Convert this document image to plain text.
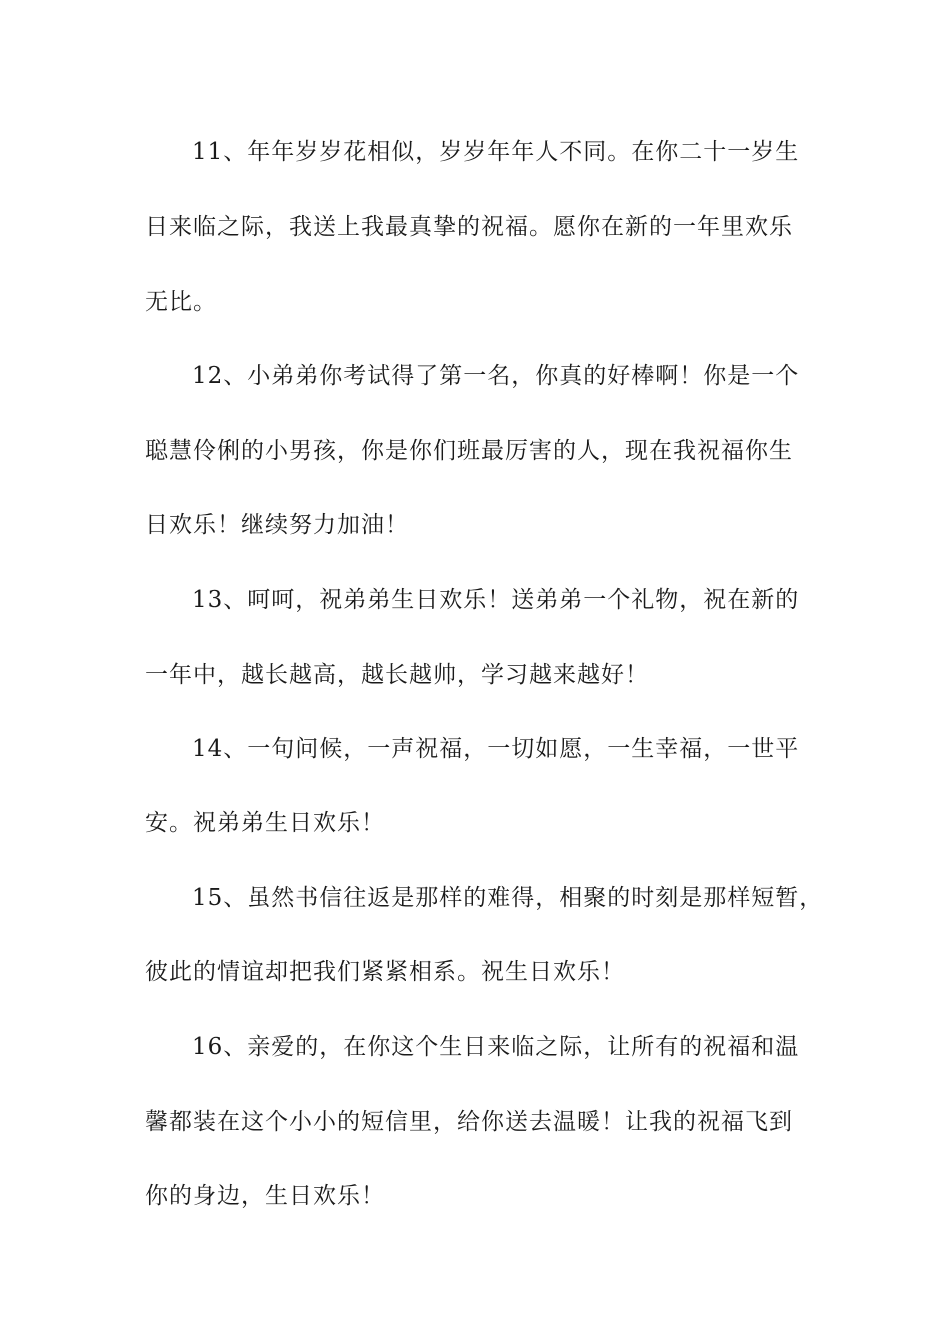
11、年年岁岁花相似，岁岁年年人不同。在你二十一岁生

日来临之际，我送上我最真挚的祝福。愿你在新的一年里欢乐

无比。

12、小弟弟你考试得了第一名，你真的好棒啊！你是一个

聪慧伶俐的小男孩，你是你们班最厉害的人，现在我祝福你生

日欢乐！继续努力加油！

13、呵呵，祝弟弟生日欢乐！送弟弟一个礼物，祝在新的

一年中，越长越高，越长越帅，学习越来越好！

14、一句问候，一声祝福，一切如愿，一生幸福，一世平

安。祝弟弟生日欢乐！

15、虽然书信往返是那样的难得，相聚的时刻是那样短暂，

彼此的情谊却把我们紧紧相系。祝生日欢乐！

16、亲爱的，在你这个生日来临之际，让所有的祝福和温

馨都装在这个小小的短信里，给你送去温暖！让我的祝福飞到

你的身边，生日欢乐！
